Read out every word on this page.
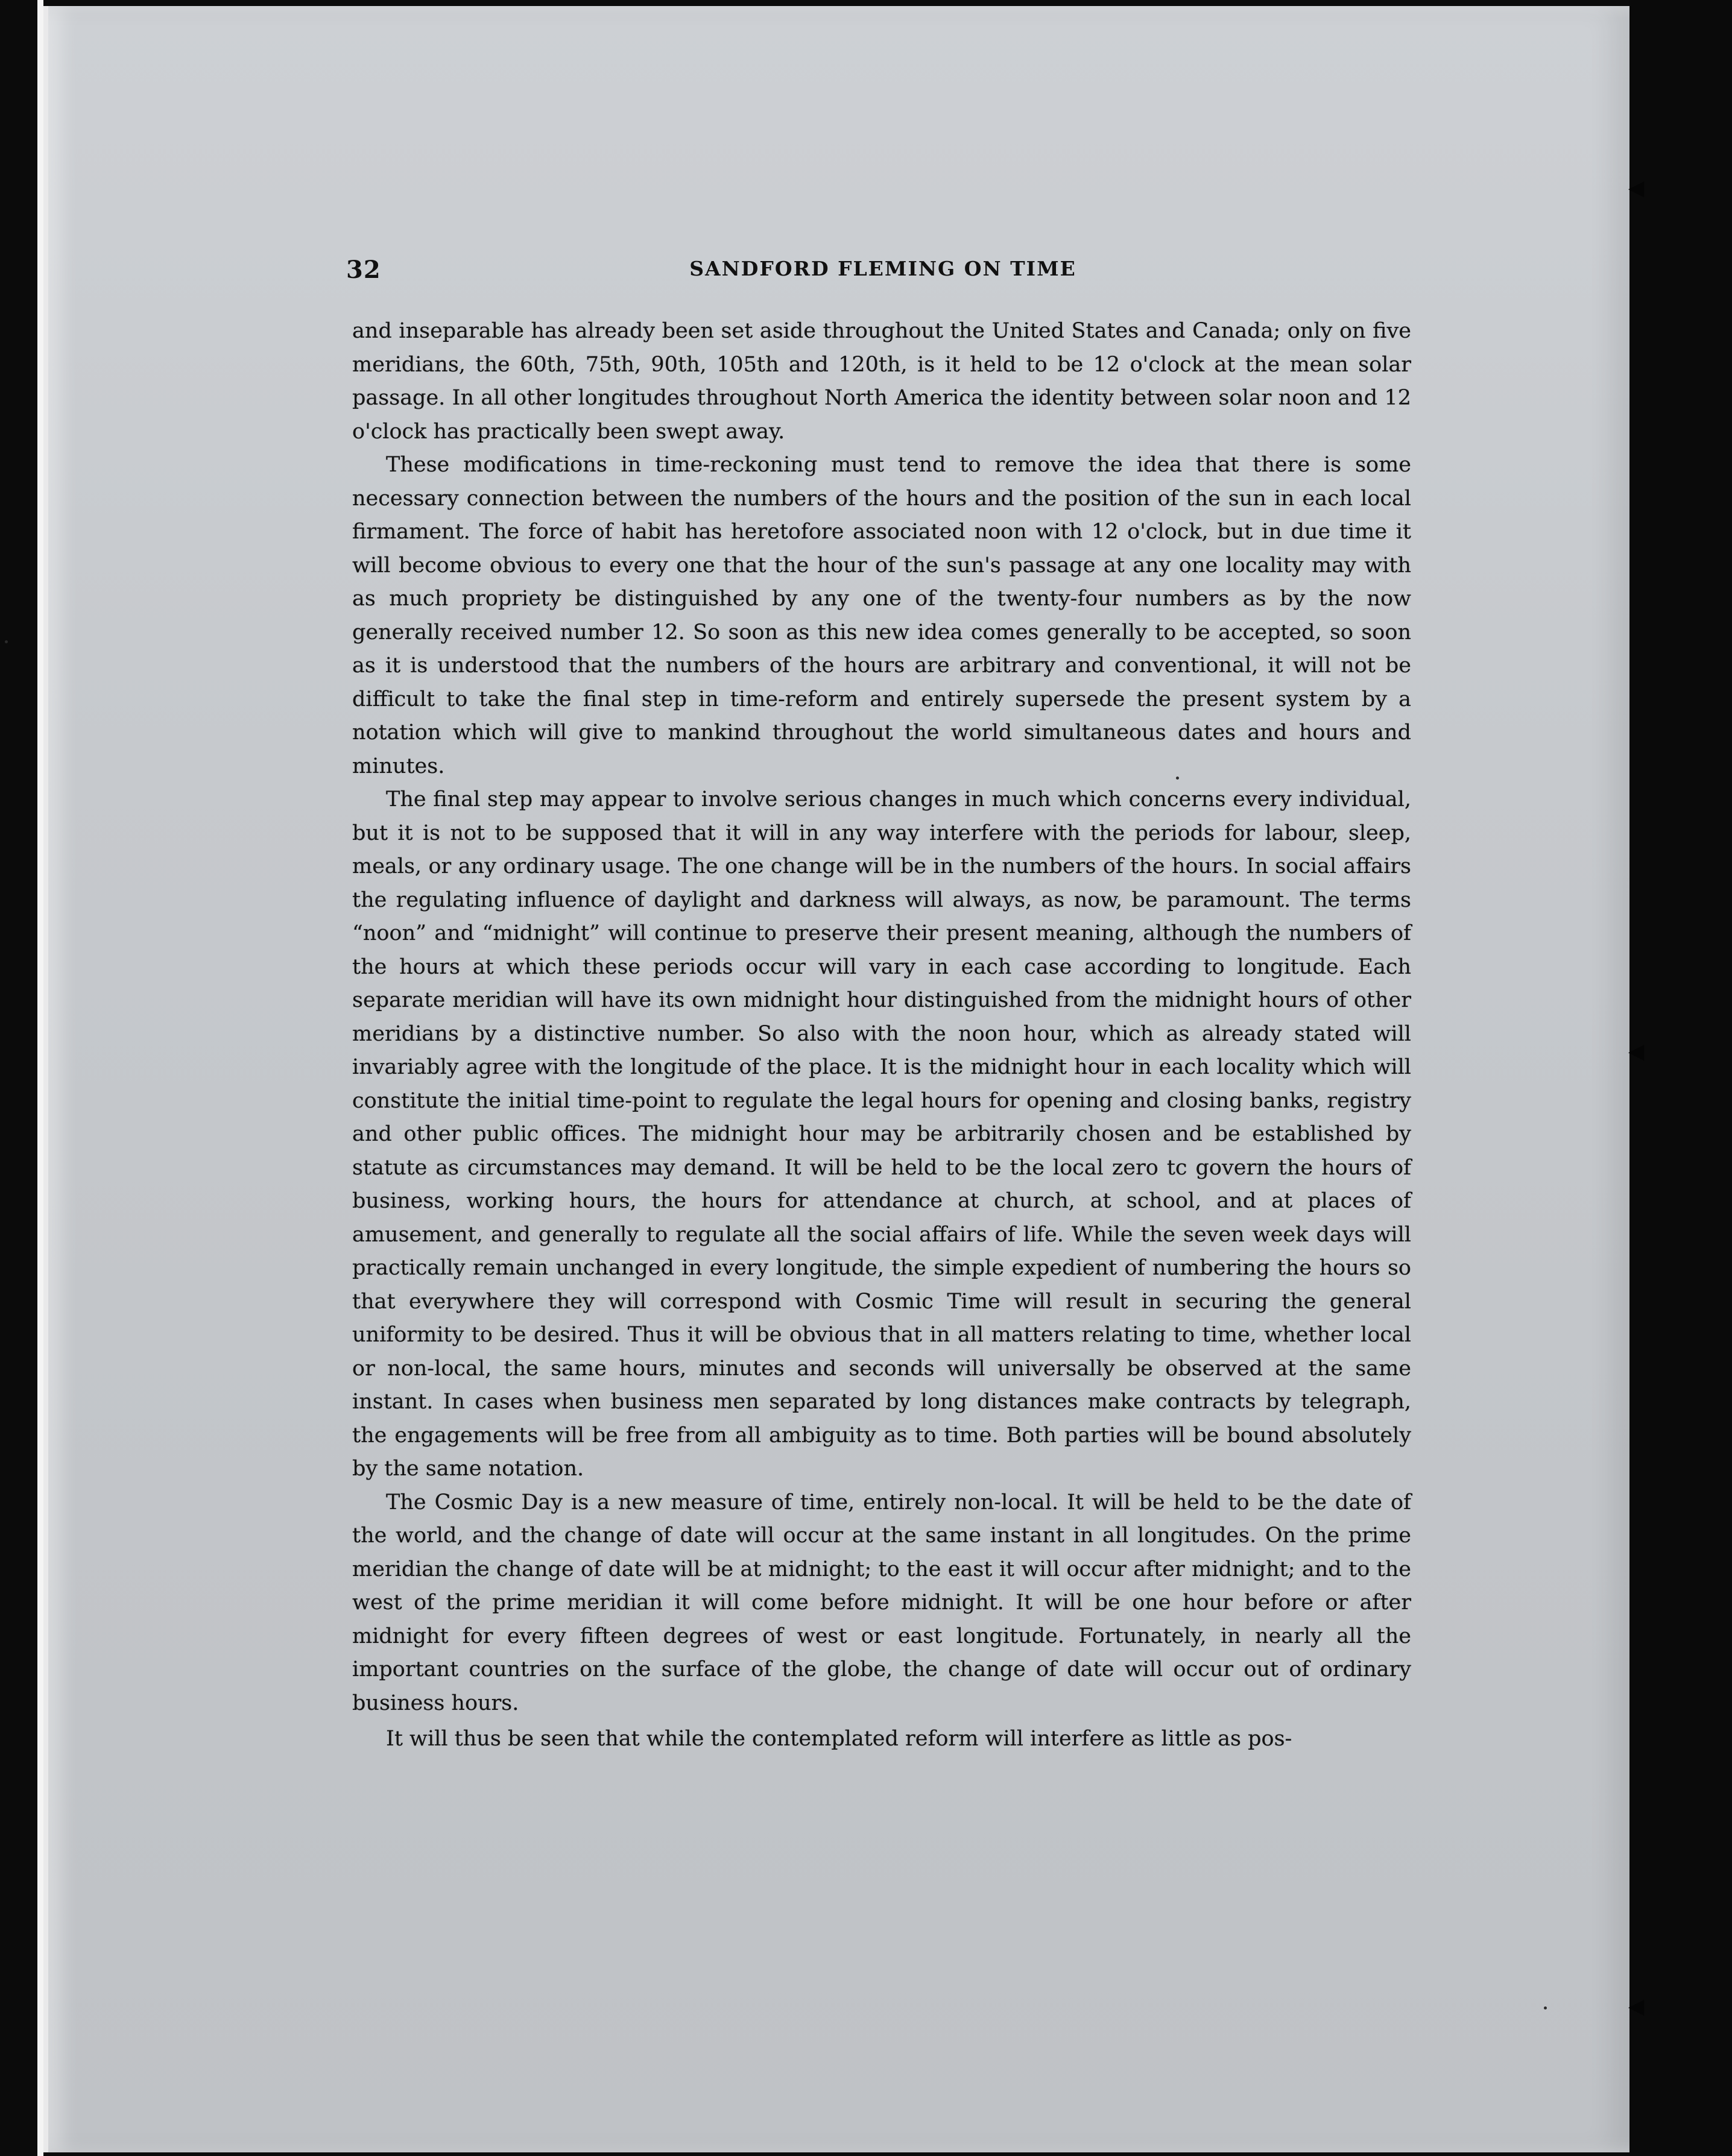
◀
◀
◀
32	SANDFORD FLEMING ON TIME

and inseparable has already been set aside throughout the United States and Canada; only on five meridians, the 60th, 75th, 90th, 105th and 120th, is it held to be 12 o'clock at the mean solar passage. In all other longitudes throughout North America the identity between solar noon and 12 o'clock has practically been swept away.

These modifications in time-reckoning must tend to remove the idea that there is some necessary connection between the numbers of the hours and the position of the sun in each local firmament. The force of habit has heretofore associated noon with 12 o'clock, but in due time it will become obvious to every one that the hour of the sun's passage at any one locality may with as much propriety be distinguished by any one of the twenty-four numbers as by the now generally received number 12. So soon as this new idea comes generally to be accepted, so soon as it is understood that the numbers of the hours are arbitrary and conventional, it will not be difficult to take the final step in time-reform and entirely supersede the present system by a notation which will give to mankind throughout the world simultaneous dates and hours and minutes.

The final step may appear to involve serious changes in much which concerns every individual, but it is not to be supposed that it will in any way interfere with the periods for labour, sleep, meals, or any ordinary usage. The one change will be in the numbers of the hours. In social affairs the regulating influence of daylight and darkness will always, as now, be paramount. The terms “noon” and “midnight” will continue to preserve their present meaning, although the numbers of the hours at which these periods occur will vary in each case according to longitude. Each separate meridian will have its own midnight hour distinguished from the midnight hours of other meridians by a distinctive number. So also with the noon hour, which as already stated will invariably agree with the longitude of the place. It is the midnight hour in each locality which will constitute the initial time-point to regulate the legal hours for opening and closing banks, registry and other public offices. The midnight hour may be arbitrarily chosen and be established by statute as circumstances may demand. It will be held to be the local zero tc govern the hours of business, working hours, the hours for attendance at church, at school, and at places of amusement, and generally to regulate all the social affairs of life. While the seven week days will practically remain unchanged in every longitude, the simple expedient of numbering the hours so that everywhere they will correspond with Cosmic Time will result in securing the general uniformity to be desired. Thus it will be obvious that in all matters relating to time, whether local or non-local, the same hours, minutes and seconds will universally be observed at the same instant. In cases when business men separated by long distances make contracts by telegraph, the engagements will be free from all ambiguity as to time. Both parties will be bound absolutely by the same notation.

The Cosmic Day is a new measure of time, entirely non-local. It will be held to be the date of the world, and the change of date will occur at the same instant in all longitudes. On the prime meridian the change of date will be at midnight; to the east it will occur after midnight; and to the west of the prime meridian it will come before midnight. It will be one hour before or after midnight for every fifteen degrees of west or east longitude. Fortunately, in nearly all the important countries on the surface of the globe, the change of date will occur out of ordinary business hours.

It will thus be seen that while the contemplated reform will interfere as little as pos-
